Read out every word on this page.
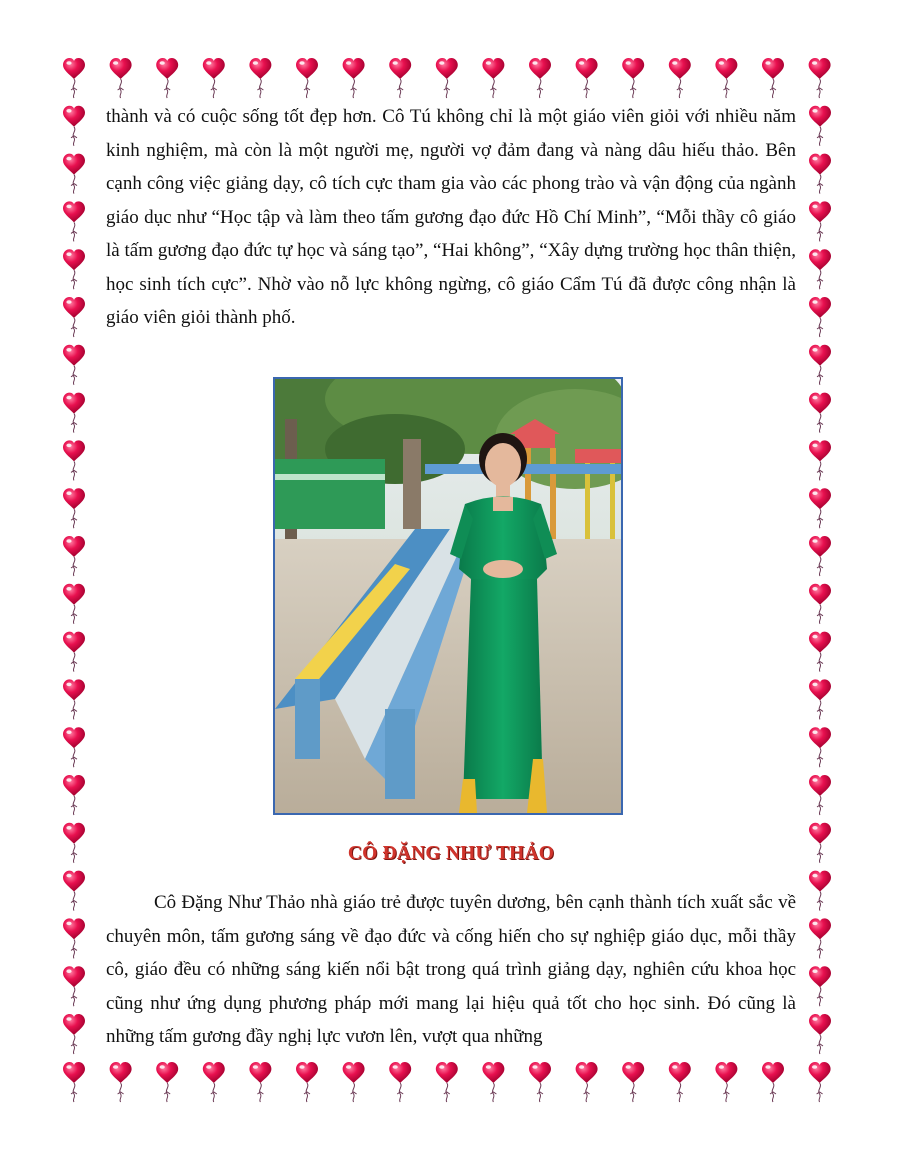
thành và có cuộc sống tốt đẹp hơn. Cô Tú không chỉ là một giáo viên giỏi với nhiều năm kinh nghiệm, mà còn là một người mẹ, người vợ đảm đang và nàng dâu hiếu thảo. Bên cạnh công việc giảng dạy, cô tích cực tham gia vào các phong trào và vận động của ngành giáo dục như “Học tập và làm theo tấm gương đạo đức Hồ Chí Minh”, “Mỗi thầy cô giáo là tấm gương đạo đức tự học và sáng tạo”, “Hai không”, “Xây dựng trường học thân thiện, học sinh tích cực”. Nhờ vào nỗ lực không ngừng, cô giáo Cẩm Tú đã được công nhận là giáo viên giỏi thành phố.

CÔ ĐẶNG NHƯ THẢO

Cô Đặng Như Thảo nhà giáo trẻ được tuyên dương, bên cạnh thành tích xuất sắc về chuyên môn, tấm gương sáng về đạo đức và cống hiến cho sự nghiệp giáo dục, mỗi thầy cô, giáo đều có những sáng kiến nổi bật trong quá trình giảng dạy, nghiên cứu khoa học cũng như ứng dụng phương pháp mới mang lại hiệu quả tốt cho học sinh. Đó cũng là những tấm gương đầy nghị lực vươn lên, vượt qua những
